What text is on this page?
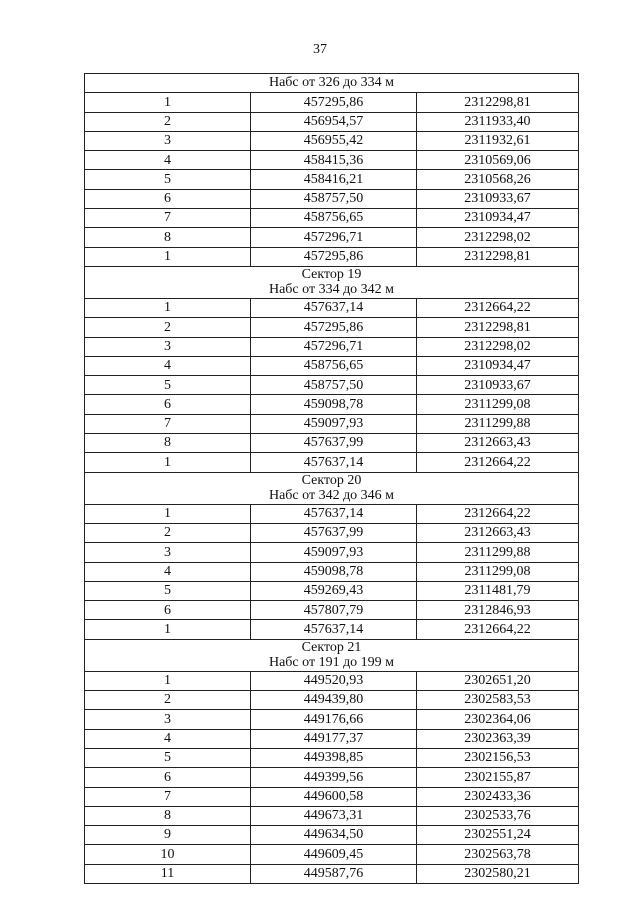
37
Набс от 326 до 334 м		

1	457295,86	2312298,81
2	456954,57	2311933,40
3	456955,42	2311932,61
4	458415,36	2310569,06
5	458416,21	2310568,26
6	458757,50	2310933,67
7	458756,65	2310934,47
8	457296,71	2312298,02
1	457295,86	2312298,81

Сектор 19
Набс от 334 до 342 м		

1	457637,14	2312664,22
2	457295,86	2312298,81
3	457296,71	2312298,02
4	458756,65	2310934,47
5	458757,50	2310933,67
6	459098,78	2311299,08
7	459097,93	2311299,88
8	457637,99	2312663,43
1	457637,14	2312664,22

Сектор 20
Набс от 342 до 346 м		

1	457637,14	2312664,22
2	457637,99	2312663,43
3	459097,93	2311299,88
4	459098,78	2311299,08
5	459269,43	2311481,79
6	457807,79	2312846,93
1	457637,14	2312664,22

Сектор 21
Набс от 191 до 199 м		

1	449520,93	2302651,20
2	449439,80	2302583,53
3	449176,66	2302364,06
4	449177,37	2302363,39
5	449398,85	2302156,53
6	449399,56	2302155,87
7	449600,58	2302433,36
8	449673,31	2302533,76
9	449634,50	2302551,24
10	449609,45	2302563,78
11	449587,76	2302580,21
